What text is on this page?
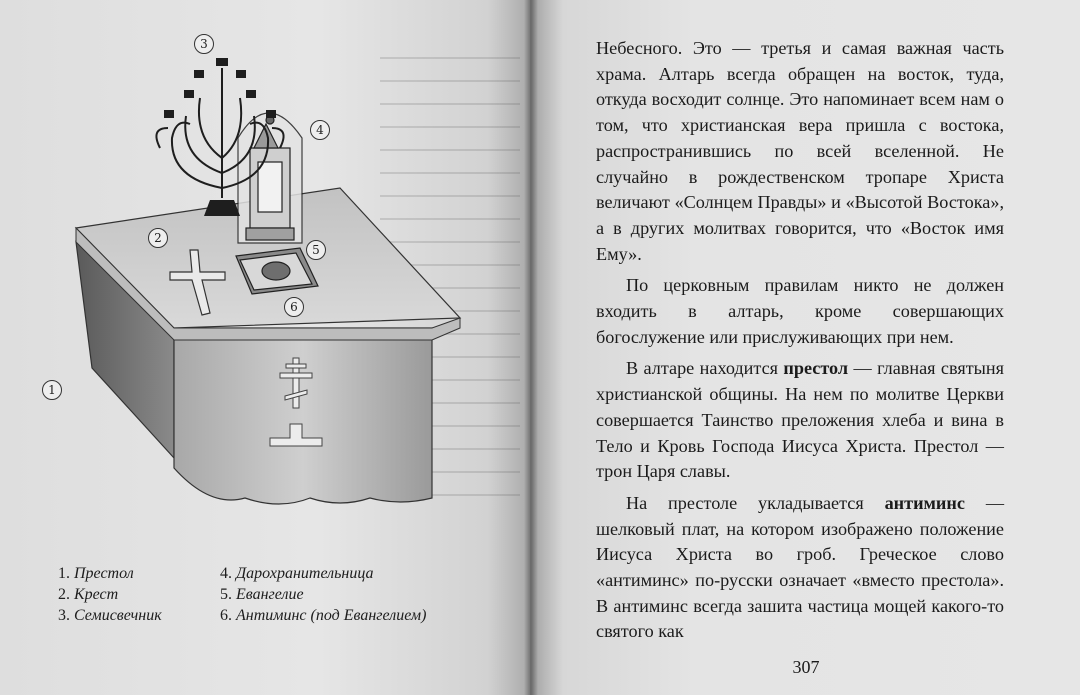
1
2
3
4
5
6
1. Престол
2. Крест
3. Семисвечник
4. Дарохранительница
5. Евангелие
6. Антиминс (под Евангелием)

Небесного. Это — третья и самая важная часть храма. Алтарь всегда обращен на восток, туда, откуда восходит солнце. Это напоминает всем нам о том, что христианская вера пришла с востока, распространившись по всей вселенной. Не случайно в рождественском тропаре Христа величают «Солнцем Правды» и «Высотой Востока», а в других молитвах говорится, что «Восток имя Ему».

По церковным правилам никто не должен входить в алтарь, кроме совершающих богослужение или прислуживающих при нем.

В алтаре находится престол — главная святыня христианской общины. На нем по молитве Церкви совершается Таинство преложения хлеба и вина в Тело и Кровь Господа Иисуса Христа. Престол — трон Царя славы.

На престоле укладывается антиминс — шелковый плат, на котором изображено положение Иисуса Христа во гроб. Греческое слово «антиминс» по-русски означает «вместо престола». В антиминс всегда зашита частица мощей какого-то святого как

307
